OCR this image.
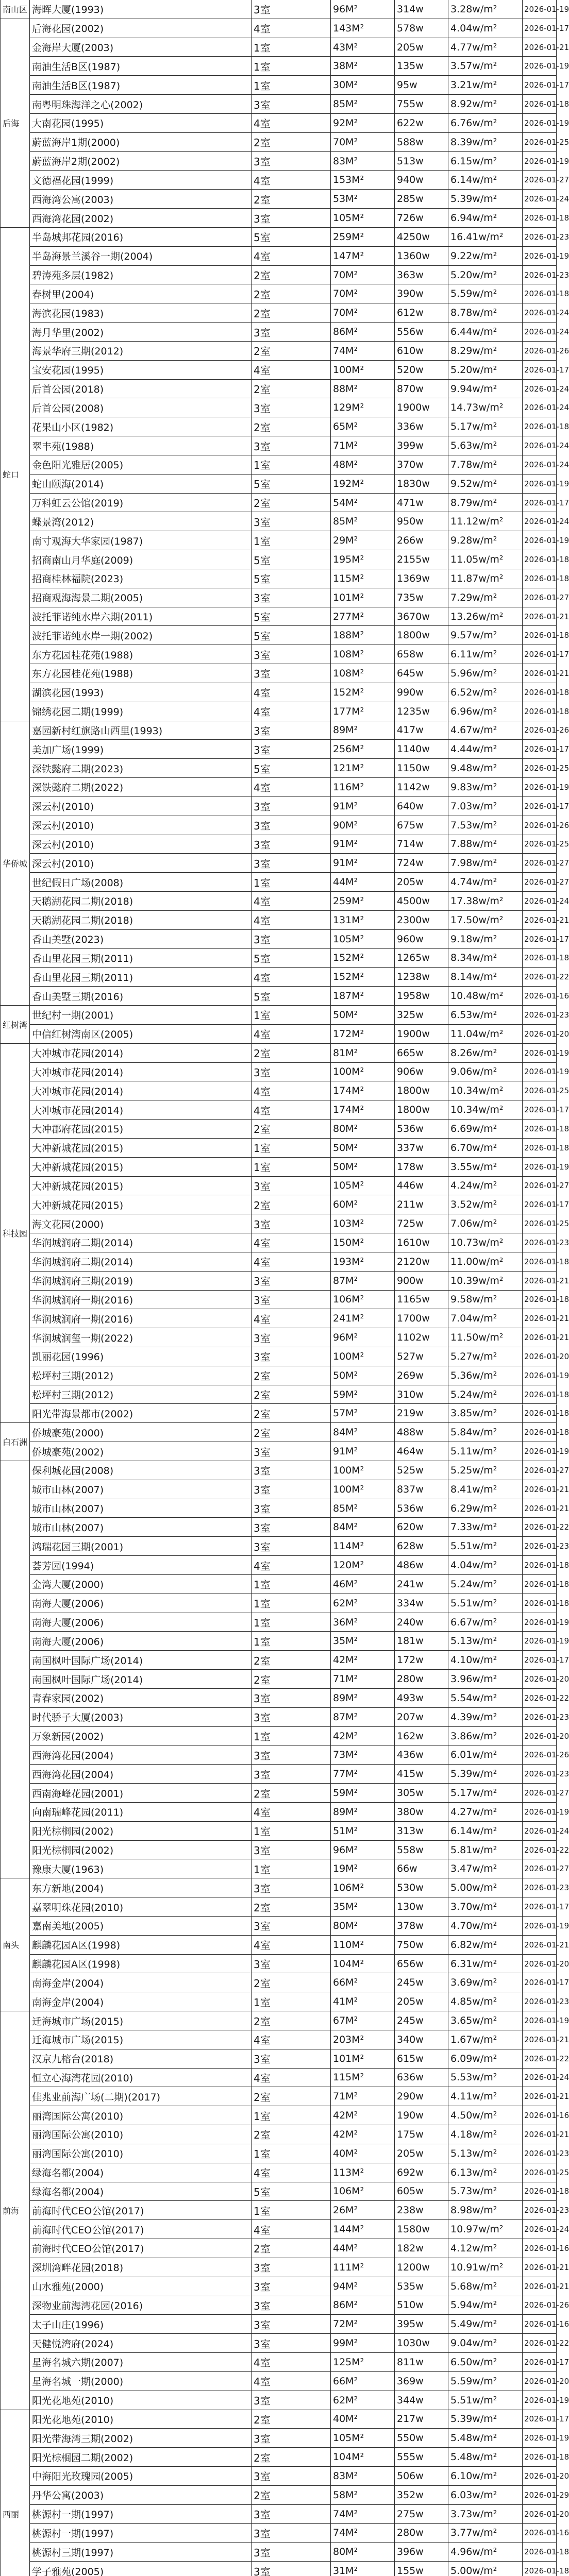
南山区 海晖大厦(1993)	3室	96M²	314w	3.28w/m²	2026-01-19
后海
后海花园(2002)	4室	143M²	578w	4.04w/m²	2026-01-17
金海岸大厦(2003)	1室	43M²	205w	4.77w/m²	2026-01-21
南油生活B区(1987)	1室	38M²	135w	3.57w/m²	2026-01-19
南油生活B区(1987)	1室	30M²	95w	3.21w/m²	2026-01-17
南粤明珠海洋之心(2002)	3室	85M²	755w	8.92w/m²	2026-01-18
大南花园(1995)	4室	92M²	622w	6.76w/m²	2026-01-19
蔚蓝海岸1期(2000)	2室	70M²	588w	8.39w/m²	2026-01-25
蔚蓝海岸2期(2002)	3室	83M²	513w	6.15w/m²	2026-01-19
文德福花园(1999)	4室	153M²	940w	6.14w/m²	2026-01-27
西海湾公寓(2003)	2室	53M²	285w	5.39w/m²	2026-01-24
西海湾花园(2002)	3室	105M²	726w	6.94w/m²	2026-01-18
蛇口
半岛城邦花园(2016)	5室	259M²	4250w	16.41w/m²	2026-01-23
半岛海景兰溪谷一期(2004)	4室	147M²	1360w	9.22w/m²	2026-01-19
碧涛苑多层(1982)	2室	70M²	363w	5.20w/m²	2026-01-23
春树里(2004)	2室	70M²	390w	5.59w/m²	2026-01-18
海滨花园(1983)	2室	70M²	612w	8.78w/m²	2026-01-24
海月华里(2002)	3室	86M²	556w	6.44w/m²	2026-01-24
海景华府三期(2012)	2室	74M²	610w	8.29w/m²	2026-01-26
宝安花园(1995)	4室	100M²	520w	5.20w/m²	2026-01-17
后首公园(2018)	2室	88M²	870w	9.94w/m²	2026-01-24
后首公园(2008)	3室	129M²	1900w	14.73w/m²	2026-01-24
花果山小区(1982)	2室	65M²	336w	5.17w/m²	2026-01-18
翠丰苑(1988)	3室	71M²	399w	5.63w/m²	2026-01-24
金色阳光雅居(2005)	1室	48M²	370w	7.78w/m²	2026-01-24
蛇山颐海(2014)	5室	192M²	1830w	9.52w/m²	2026-01-19
万科虹云公馆(2019)	2室	54M²	471w	8.79w/m²	2026-01-17
蝶景湾(2012)	3室	85M²	950w	11.12w/m²	2026-01-24
南寸观海大华家园(1987)	1室	29M²	266w	9.28w/m²	2026-01-19
招商南山月华庭(2009)	5室	195M²	2155w	11.05w/m²	2026-01-18
招商桂林福院(2023)	5室	115M²	1369w	11.87w/m²	2026-01-18
招商观海海景二期(2005)	3室	101M²	735w	7.29w/m²	2026-01-27
波托菲诺纯水岸六期(2011)	5室	277M²	3670w	13.26w/m²	2026-01-21
波托菲诺纯水岸一期(2002)	5室	188M²	1800w	9.57w/m²	2026-01-18
东方花园桂花苑(1988)	3室	108M²	658w	6.11w/m²	2026-01-17
东方花园桂花苑(1988)	3室	108M²	645w	5.96w/m²	2026-01-21
湖滨花园(1993)	4室	152M²	990w	6.52w/m²	2026-01-18
锦绣花园二期(1999)	4室	177M²	1235w	6.96w/m²	2026-01-18
华侨城
嘉园新村红旗路山西里(1993)	3室	89M²	417w	4.67w/m²	2026-01-26
美加广场(1999)	3室	256M²	1140w	4.44w/m²	2026-01-17
深铁懿府二期(2023)	5室	121M²	1150w	9.48w/m²	2026-01-25
深铁懿府二期(2022)	4室	116M²	1142w	9.83w/m²	2026-01-19
深云村(2010)	3室	91M²	640w	7.03w/m²	2026-01-17
深云村(2010)	3室	90M²	675w	7.53w/m²	2026-01-26
深云村(2010)	3室	91M²	714w	7.88w/m²	2026-01-25
深云村(2010)	3室	91M²	724w	7.98w/m²	2026-01-27
世纪假日广场(2008)	1室	44M²	205w	4.74w/m²	2026-01-27
天鹅湖花园二期(2018)	4室	259M²	4500w	17.38w/m²	2026-01-24
天鹅湖花园二期(2018)	4室	131M²	2300w	17.50w/m²	2026-01-21
香山美墅(2023)	3室	105M²	960w	9.18w/m²	2026-01-17
香山里花园三期(2011)	5室	152M²	1265w	8.34w/m²	2026-01-18
香山里花园三期(2011)	4室	152M²	1238w	8.14w/m²	2026-01-22
香山美墅三期(2016)	5室	187M²	1958w	10.48w/m²	2026-01-16
红树湾
世纪村一期(2001)	1室	50M²	325w	6.53w/m²	2026-01-23
中信红树湾南区(2005)	4室	172M²	1900w	11.04w/m²	2026-01-20
科技园
大冲城市花园(2014)	2室	81M²	665w	8.26w/m²	2026-01-19
大冲城市花园(2014)	3室	100M²	906w	9.06w/m²	2026-01-19
大冲城市花园(2014)	4室	174M²	1800w	10.34w/m²	2026-01-25
大冲城市花园(2014)	4室	174M²	1800w	10.34w/m²	2026-01-17
大冲郡府花园(2015)	2室	80M²	536w	6.69w/m²	2026-01-18
大冲新城花园(2015)	1室	50M²	337w	6.70w/m²	2026-01-18
大冲新城花园(2015)	1室	50M²	178w	3.55w/m²	2026-01-19
大冲新城花园(2015)	3室	105M²	446w	4.24w/m²	2026-01-27
大冲新城花园(2015)	2室	60M²	211w	3.52w/m²	2026-01-17
海文花园(2000)	3室	103M²	725w	7.06w/m²	2026-01-25
华润城润府二期(2014)	4室	150M²	1610w	10.73w/m²	2026-01-23
华润城润府二期(2014)	4室	193M²	2120w	11.00w/m²	2026-01-18
华润城润府三期(2019)	3室	87M²	900w	10.39w/m²	2026-01-21
华润城润府一期(2016)	3室	106M²	1165w	9.58w/m²	2026-01-18
华润城润府一期(2016)	4室	241M²	1700w	7.04w/m²	2026-01-21
华润城润玺一期(2022)	3室	96M²	1102w	11.50w/m²	2026-01-21
凯丽花园(1996)	3室	100M²	527w	5.27w/m²	2026-01-20
松坪村三期(2012)	2室	50M²	269w	5.36w/m²	2026-01-19
松坪村三期(2012)	2室	59M²	310w	5.24w/m²	2026-01-18
阳光带海景都市(2002)	2室	57M²	219w	3.85w/m²	2026-01-18
白石洲
侨城豪苑(2000)	2室	84M²	488w	5.84w/m²	2026-01-18
侨城豪苑(2002)	3室	91M²	464w	5.11w/m²	2026-01-19
保利城花园(2008)	3室	100M²	525w	5.25w/m²	2026-01-27
城市山林(2007)	3室	100M²	837w	8.41w/m²	2026-01-21
城市山林(2007)	3室	85M²	536w	6.29w/m²	2026-01-21
城市山林(2007)	3室	84M²	620w	7.33w/m²	2026-01-22
鸿瑞花园三期(2001)	3室	114M²	628w	5.51w/m²	2026-01-23
荟芳园(1994)	4室	120M²	486w	4.04w/m²	2026-01-18
金湾大厦(2000)	1室	46M²	241w	5.24w/m²	2026-01-18
南海大厦(2006)	1室	62M²	334w	5.51w/m²	2026-01-18
南海大厦(2006)	1室	36M²	240w	6.67w/m²	2026-01-19
南海大厦(2006)	1室	35M²	181w	5.13w/m²	2026-01-19
南国枫叶国际广场(2014)	2室	42M²	172w	4.10w/m²	2026-01-17
南国枫叶国际广场(2014)	2室	71M²	280w	3.96w/m²	2026-01-20
青春家园(2002)	3室	89M²	493w	5.54w/m²	2026-01-22
时代骄子大厦(2003)	3室	87M²	207w	4.39w/m²	2026-01-23
万象新园(2002)	1室	42M²	162w	3.86w/m²	2026-01-20
西海湾花园(2004)	3室	73M²	436w	6.01w/m²	2026-01-26
西海湾花园(2004)	3室	77M²	415w	5.39w/m²	2026-01-23
西南海峰花园(2001)	2室	59M²	305w	5.17w/m²	2026-01-27
向南瑞峰花园(2011)	4室	89M²	380w	4.27w/m²	2026-01-19
阳光棕榈园(2002)	1室	51M²	313w	6.14w/m²	2026-01-24
阳光棕榈园(2002)	3室	96M²	558w	5.81w/m²	2026-01-22
豫康大厦(1963)	1室	19M²	66w	3.47w/m²	2026-01-27
南头
东方新地(2004)	3室	106M²	530w	5.00w/m²	2026-01-23
嘉翠明珠花园(2010)	2室	35M²	130w	3.70w/m²	2026-01-17
嘉南美地(2005)	3室	80M²	378w	4.70w/m²	2026-01-19
麒麟花园A区(1998)	4室	110M²	750w	6.82w/m²	2026-01-21
麒麟花园A区(1998)	3室	104M²	656w	6.31w/m²	2026-01-20
南海金岸(2004)	2室	66M²	245w	3.69w/m²	2026-01-17
南海金岸(2004)	1室	41M²	205w	4.85w/m²	2026-01-23
前海
迁海城市广场(2015)	2室	67M²	245w	3.65w/m²	2026-01-19
迁海城市广场(2015)	4室	203M²	340w	1.67w/m²	2026-01-21
汉京九榕台(2018)	3室	101M²	615w	6.09w/m²	2026-01-22
恒立心海湾花园(2010)	4室	115M²	636w	5.53w/m²	2026-01-24
佳兆业前海广场(二期)(2017)	2室	71M²	290w	4.11w/m²	2026-01-21
丽湾国际公寓(2010)	1室	42M²	190w	4.50w/m²	2026-01-16
丽湾国际公寓(2010)	2室	42M²	175w	4.18w/m²	2026-01-21
丽湾国际公寓(2010)	1室	40M²	205w	5.13w/m²	2026-01-23
绿海名都(2004)	4室	113M²	692w	6.13w/m²	2026-01-25
绿海名都(2004)	5室	106M²	605w	5.73w/m²	2026-01-18
前海时代CEO公馆(2017)	1室	26M²	238w	8.98w/m²	2026-01-23
前海时代CEO公馆(2017)	4室	144M²	1580w	10.97w/m²	2026-01-24
前海时代CEO公馆(2017)	2室	44M²	182w	4.12w/m²	2026-01-16
深圳湾畔花园(2018)	3室	111M²	1200w	10.91w/m²	2026-01-21
山水雅苑(2000)	3室	94M²	535w	5.68w/m²	2026-01-21
深物业前海湾花园(2016)	3室	86M²	510w	5.94w/m²	2026-01-26
太子山庄(1996)	3室	72M²	395w	5.49w/m²	2026-01-16
天健悦湾府(2024)	3室	99M²	1030w	9.04w/m²	2026-01-22
星海名城六期(2007)	4室	125M²	811w	6.50w/m²	2026-01-17
星海名城一期(2000)	4室	66M²	369w	5.59w/m²	2026-01-20
阳光花地苑(2010)	3室	62M²	344w	5.51w/m²	2026-01-19
西丽
阳光花地苑(2010)	2室	40M²	217w	5.39w/m²	2026-01-17
阳光带海湾三期(2002)	3室	105M²	550w	5.48w/m²	2026-01-19
阳光棕榈园二期(2002)	2室	104M²	555w	5.48w/m²	2026-01-18
中海阳光玫瑰园(2005)	3室	83M²	506w	6.10w/m²	2026-01-20
丹华公寓(2003)	2室	58M²	352w	6.03w/m²	2026-01-29
桃源村一期(1997)	3室	74M²	275w	3.73w/m²	2026-01-20
桃源村一期(1997)	3室	74M²	280w	3.77w/m²	2026-01-16
桃源村三期(1997)	3室	80M²	396w	4.96w/m²	2026-01-18
学子雅苑(2005)	3室	31M²	155w	5.00w/m²	2026-01-18
